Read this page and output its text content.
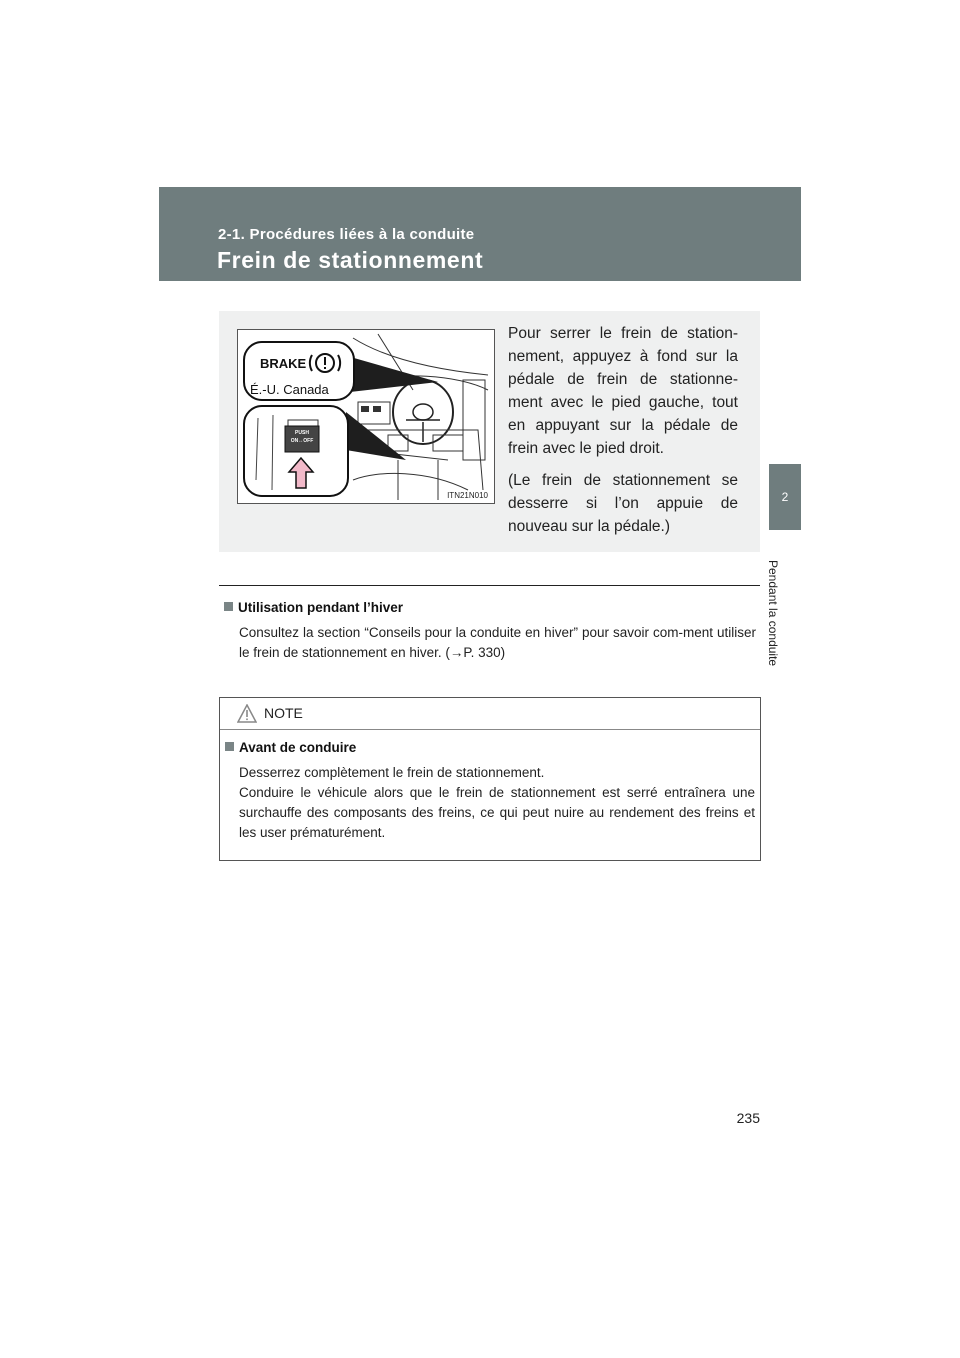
2-1. Procédures liées à la conduite
Frein de stationnement
2
Pendant la conduite
BRAKE
É.-U. Canada
PUSH
ON↔OFF
ITN21N010

Pour serrer le frein de station-nement, appuyez à fond sur la pédale de frein de stationne-ment avec le pied gauche, tout en appuyant sur la pédale de frein avec le pied droit.

(Le frein de stationnement se desserre si l’on appuie de nouveau sur la pédale.)

Utilisation pendant l’hiver
Consultez la section “Conseils pour la conduite en hiver” pour savoir com-ment utiliser le frein de stationnement en hiver. (→P. 330)
NOTE
Avant de conduire
Desserrez complètement le frein de stationnement.
Conduire le véhicule alors que le frein de stationnement est serré entraînera une surchauffe des composants des freins, ce qui peut nuire au rendement des freins et les user prématurément.
235
